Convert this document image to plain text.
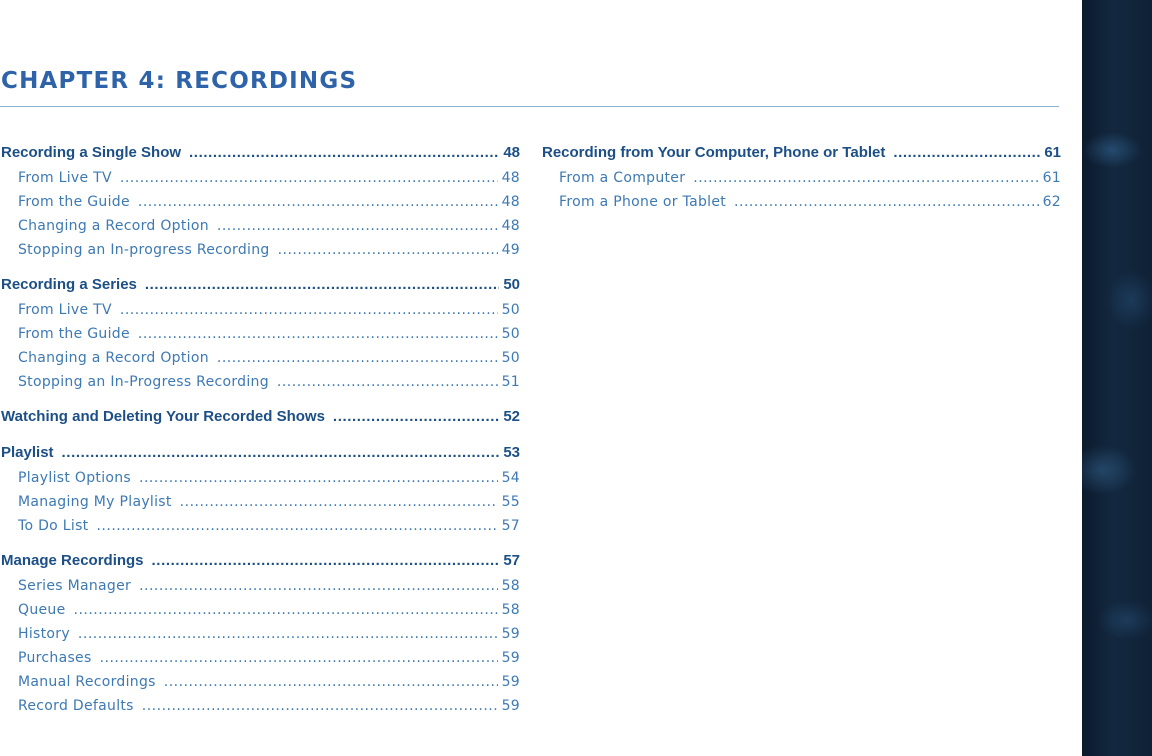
CHAPTER 4: RECORDINGS
Recording a Single Show .....	48
From Live TV .....	48
From the Guide .....	48
Changing a Record Option .....	48
Stopping an In-progress Recording .....	49
Recording a Series .....	50
From Live TV .....	50
From the Guide .....	50
Changing a Record Option .....	50
Stopping an In-Progress Recording .....	51
Watching and Deleting Your Recorded Shows .....	52
Playlist .....	53
Playlist Options .....	54
Managing My Playlist .....	55
To Do List .....	57
Manage Recordings .....	57
Series Manager .....	58
Queue .....	58
History .....	59
Purchases .....	59
Manual Recordings .....	59
Record Defaults .....	59
Recording from Your Computer, Phone or Tablet .....	61
From a Computer .....	61
From a Phone or Tablet .....	62
